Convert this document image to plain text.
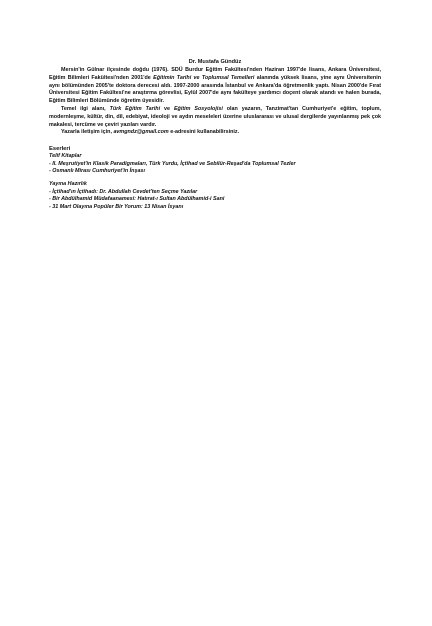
Dr. Mustafa Gündüz

Mersin'in Gülnar ilçesinde doğdu (1976). SDÜ Burdur Eğitim Fakültesi'nden Haziran 1997'de lisans, Ankara Üniversitesi, Eğitim Bilimleri Fakültesi'nden 2001'de Eğitimin Tarihi ve Toplumsal Temelleri alanında yüksek lisans, yine aynı Üniversitenin aynı bölümünden 2005'te doktora derecesi aldı. 1997-2000 arasında İstanbul ve Ankara'da öğretmenlik yaptı. Nisan 2000'de Fırat Üniversitesi Eğitim Fakültesi'ne araştırma görevlisi, Eylül 2007'de aynı fakülteye yardımcı doçent olarak atandı ve halen burada, Eğitim Bilimleri Bölümünde öğretim üyesidir.

Temel ilgi alanı, Türk Eğitim Tarihi ve Eğitim Sosyolojisi olan yazarın, Tanzimat'tan Cumhuriyet'e eğitim, toplum, modernleşme, kültür, din, dil, edebiyat, ideoloji ve aydın meseleleri üzerine uluslararası ve ulusal dergilerde yayınlanmış pek çok makalesi, tercüme ve çeviri yazıları vardır.

Yazarla iletişim için, avmgndz@gmail.com e-adresini kullanabilirsiniz.

Eserleri
Telif Kitaplar
- II. Meşrutiyet'in Klasik Paradigmaları, Türk Yurdu, İçtihad ve Sebilür-Reşad'da Toplumsal Tezler
- Osmanlı Mirası Cumhuriyet'in İnşası
Yayına Hazırlık
- İçtihad'ın İçtihadı: Dr. Abdullah Cevdet'ten Seçme Yazılar
- Bir Abdülhamid Müdafaanamesi: Hatırat-ı Sultan Abdülhamid-i Sani
- 31 Mart Olayına Popüler Bir Yorum: 13 Nisan İsyanı
